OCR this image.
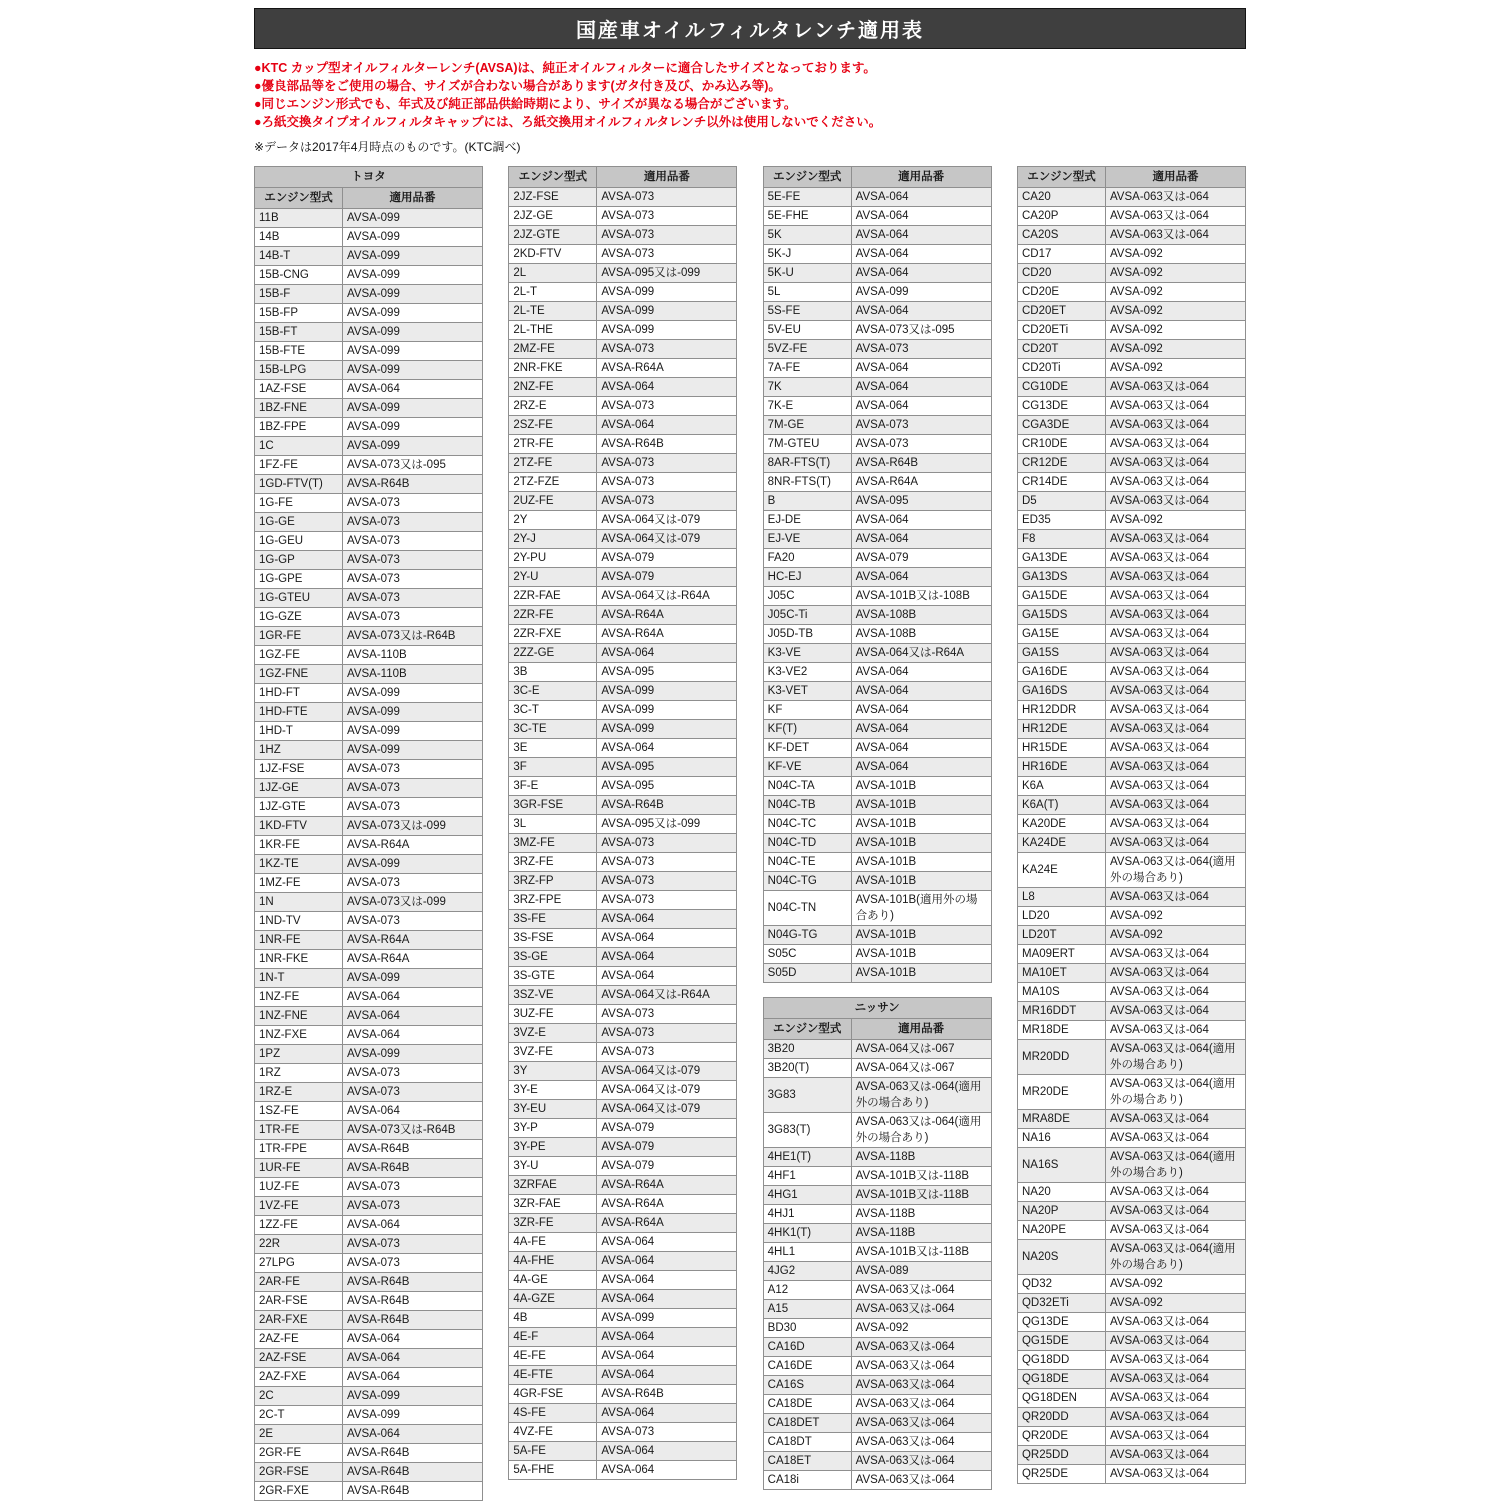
国産車オイルフィルタレンチ適用表
●KTC カップ型オイルフィルターレンチ(AVSA)は、純正オイルフィルターに適合したサイズとなっております。
●優良部品等をご使用の場合、サイズが合わない場合があります(ガタ付き及び、かみ込み等)。
●同じエンジン形式でも、年式及び純正部品供給時期により、サイズが異なる場合がございます。
●ろ紙交換タイプオイルフィルタキャップには、ろ紙交換用オイルフィルタレンチ以外は使用しないでください。
※データは2017年4月時点のものです。(KTC調べ)
トヨタ	
エンジン型式	適用品番
11B	AVSA-099
14B	AVSA-099
14B-T	AVSA-099
15B-CNG	AVSA-099
15B-F	AVSA-099
15B-FP	AVSA-099
15B-FT	AVSA-099
15B-FTE	AVSA-099
15B-LPG	AVSA-099
1AZ-FSE	AVSA-064
1BZ-FNE	AVSA-099
1BZ-FPE	AVSA-099
1C	AVSA-099
1FZ-FE	AVSA-073又は-095
1GD-FTV(T)	AVSA-R64B
1G-FE	AVSA-073
1G-GE	AVSA-073
1G-GEU	AVSA-073
1G-GP	AVSA-073
1G-GPE	AVSA-073
1G-GTEU	AVSA-073
1G-GZE	AVSA-073
1GR-FE	AVSA-073又は-R64B
1GZ-FE	AVSA-110B
1GZ-FNE	AVSA-110B
1HD-FT	AVSA-099
1HD-FTE	AVSA-099
1HD-T	AVSA-099
1HZ	AVSA-099
1JZ-FSE	AVSA-073
1JZ-GE	AVSA-073
1JZ-GTE	AVSA-073
1KD-FTV	AVSA-073又は-099
1KR-FE	AVSA-R64A
1KZ-TE	AVSA-099
1MZ-FE	AVSA-073
1N	AVSA-073又は-099
1ND-TV	AVSA-073
1NR-FE	AVSA-R64A
1NR-FKE	AVSA-R64A
1N-T	AVSA-099
1NZ-FE	AVSA-064
1NZ-FNE	AVSA-064
1NZ-FXE	AVSA-064
1PZ	AVSA-099
1RZ	AVSA-073
1RZ-E	AVSA-073
1SZ-FE	AVSA-064
1TR-FE	AVSA-073又は-R64B
1TR-FPE	AVSA-R64B
1UR-FE	AVSA-R64B
1UZ-FE	AVSA-073
1VZ-FE	AVSA-073
1ZZ-FE	AVSA-064
22R	AVSA-073
27LPG	AVSA-073
2AR-FE	AVSA-R64B
2AR-FSE	AVSA-R64B
2AR-FXE	AVSA-R64B
2AZ-FE	AVSA-064
2AZ-FSE	AVSA-064
2AZ-FXE	AVSA-064
2C	AVSA-099
2C-T	AVSA-099
2E	AVSA-064
2GR-FE	AVSA-R64B
2GR-FSE	AVSA-R64B
2GR-FXE	AVSA-R64B
エンジン型式	適用品番
2JZ-FSE	AVSA-073
2JZ-GE	AVSA-073
2JZ-GTE	AVSA-073
2KD-FTV	AVSA-073
2L	AVSA-095又は-099
2L-T	AVSA-099
2L-TE	AVSA-099
2L-THE	AVSA-099
2MZ-FE	AVSA-073
2NR-FKE	AVSA-R64A
2NZ-FE	AVSA-064
2RZ-E	AVSA-073
2SZ-FE	AVSA-064
2TR-FE	AVSA-R64B
2TZ-FE	AVSA-073
2TZ-FZE	AVSA-073
2UZ-FE	AVSA-073
2Y	AVSA-064又は-079
2Y-J	AVSA-064又は-079
2Y-PU	AVSA-079
2Y-U	AVSA-079
2ZR-FAE	AVSA-064又は-R64A
2ZR-FE	AVSA-R64A
2ZR-FXE	AVSA-R64A
2ZZ-GE	AVSA-064
3B	AVSA-095
3C-E	AVSA-099
3C-T	AVSA-099
3C-TE	AVSA-099
3E	AVSA-064
3F	AVSA-095
3F-E	AVSA-095
3GR-FSE	AVSA-R64B
3L	AVSA-095又は-099
3MZ-FE	AVSA-073
3RZ-FE	AVSA-073
3RZ-FP	AVSA-073
3RZ-FPE	AVSA-073
3S-FE	AVSA-064
3S-FSE	AVSA-064
3S-GE	AVSA-064
3S-GTE	AVSA-064
3SZ-VE	AVSA-064又は-R64A
3UZ-FE	AVSA-073
3VZ-E	AVSA-073
3VZ-FE	AVSA-073
3Y	AVSA-064又は-079
3Y-E	AVSA-064又は-079
3Y-EU	AVSA-064又は-079
3Y-P	AVSA-079
3Y-PE	AVSA-079
3Y-U	AVSA-079
3ZRFAE	AVSA-R64A
3ZR-FAE	AVSA-R64A
3ZR-FE	AVSA-R64A
4A-FE	AVSA-064
4A-FHE	AVSA-064
4A-GE	AVSA-064
4A-GZE	AVSA-064
4B	AVSA-099
4E-F	AVSA-064
4E-FE	AVSA-064
4E-FTE	AVSA-064
4GR-FSE	AVSA-R64B
4S-FE	AVSA-064
4VZ-FE	AVSA-073
5A-FE	AVSA-064
5A-FHE	AVSA-064
エンジン型式	適用品番
5E-FE	AVSA-064
5E-FHE	AVSA-064
5K	AVSA-064
5K-J	AVSA-064
5K-U	AVSA-064
5L	AVSA-099
5S-FE	AVSA-064
5V-EU	AVSA-073又は-095
5VZ-FE	AVSA-073
7A-FE	AVSA-064
7K	AVSA-064
7K-E	AVSA-064
7M-GE	AVSA-073
7M-GTEU	AVSA-073
8AR-FTS(T)	AVSA-R64B
8NR-FTS(T)	AVSA-R64A
B	AVSA-095
EJ-DE	AVSA-064
EJ-VE	AVSA-064
FA20	AVSA-079
HC-EJ	AVSA-064
J05C	AVSA-101B又は-108B
J05C-Ti	AVSA-108B
J05D-TB	AVSA-108B
K3-VE	AVSA-064又は-R64A
K3-VE2	AVSA-064
K3-VET	AVSA-064
KF	AVSA-064
KF(T)	AVSA-064
KF-DET	AVSA-064
KF-VE	AVSA-064
N04C-TA	AVSA-101B
N04C-TB	AVSA-101B
N04C-TC	AVSA-101B
N04C-TD	AVSA-101B
N04C-TE	AVSA-101B
N04C-TG	AVSA-101B
N04C-TN	AVSA-101B(適用外の場合あり)
N04G-TG	AVSA-101B
S05C	AVSA-101B
S05D	AVSA-101B
ニッサン	
エンジン型式	適用品番
3B20	AVSA-064又は-067
3B20(T)	AVSA-064又は-067
3G83	AVSA-063又は-064(適用外の場合あり)
3G83(T)	AVSA-063又は-064(適用外の場合あり)
4HE1(T)	AVSA-118B
4HF1	AVSA-101B又は-118B
4HG1	AVSA-101B又は-118B
4HJ1	AVSA-118B
4HK1(T)	AVSA-118B
4HL1	AVSA-101B又は-118B
4JG2	AVSA-089
A12	AVSA-063又は-064
A15	AVSA-063又は-064
BD30	AVSA-092
CA16D	AVSA-063又は-064
CA16DE	AVSA-063又は-064
CA16S	AVSA-063又は-064
CA18DE	AVSA-063又は-064
CA18DET	AVSA-063又は-064
CA18DT	AVSA-063又は-064
CA18ET	AVSA-063又は-064
CA18i	AVSA-063又は-064
エンジン型式	適用品番
CA20	AVSA-063又は-064
CA20P	AVSA-063又は-064
CA20S	AVSA-063又は-064
CD17	AVSA-092
CD20	AVSA-092
CD20E	AVSA-092
CD20ET	AVSA-092
CD20ETi	AVSA-092
CD20T	AVSA-092
CD20Ti	AVSA-092
CG10DE	AVSA-063又は-064
CG13DE	AVSA-063又は-064
CGA3DE	AVSA-063又は-064
CR10DE	AVSA-063又は-064
CR12DE	AVSA-063又は-064
CR14DE	AVSA-063又は-064
D5	AVSA-063又は-064
ED35	AVSA-092
F8	AVSA-063又は-064
GA13DE	AVSA-063又は-064
GA13DS	AVSA-063又は-064
GA15DE	AVSA-063又は-064
GA15DS	AVSA-063又は-064
GA15E	AVSA-063又は-064
GA15S	AVSA-063又は-064
GA16DE	AVSA-063又は-064
GA16DS	AVSA-063又は-064
HR12DDR	AVSA-063又は-064
HR12DE	AVSA-063又は-064
HR15DE	AVSA-063又は-064
HR16DE	AVSA-063又は-064
K6A	AVSA-063又は-064
K6A(T)	AVSA-063又は-064
KA20DE	AVSA-063又は-064
KA24DE	AVSA-063又は-064
KA24E	AVSA-063又は-064(適用外の場合あり)
L8	AVSA-063又は-064
LD20	AVSA-092
LD20T	AVSA-092
MA09ERT	AVSA-063又は-064
MA10ET	AVSA-063又は-064
MA10S	AVSA-063又は-064
MR16DDT	AVSA-063又は-064
MR18DE	AVSA-063又は-064
MR20DD	AVSA-063又は-064(適用外の場合あり)
MR20DE	AVSA-063又は-064(適用外の場合あり)
MRA8DE	AVSA-063又は-064
NA16	AVSA-063又は-064
NA16S	AVSA-063又は-064(適用外の場合あり)
NA20	AVSA-063又は-064
NA20P	AVSA-063又は-064
NA20PE	AVSA-063又は-064
NA20S	AVSA-063又は-064(適用外の場合あり)
QD32	AVSA-092
QD32ETi	AVSA-092
QG13DE	AVSA-063又は-064
QG15DE	AVSA-063又は-064
QG18DD	AVSA-063又は-064
QG18DE	AVSA-063又は-064
QG18DEN	AVSA-063又は-064
QR20DD	AVSA-063又は-064
QR20DE	AVSA-063又は-064
QR25DD	AVSA-063又は-064
QR25DE	AVSA-063又は-064
